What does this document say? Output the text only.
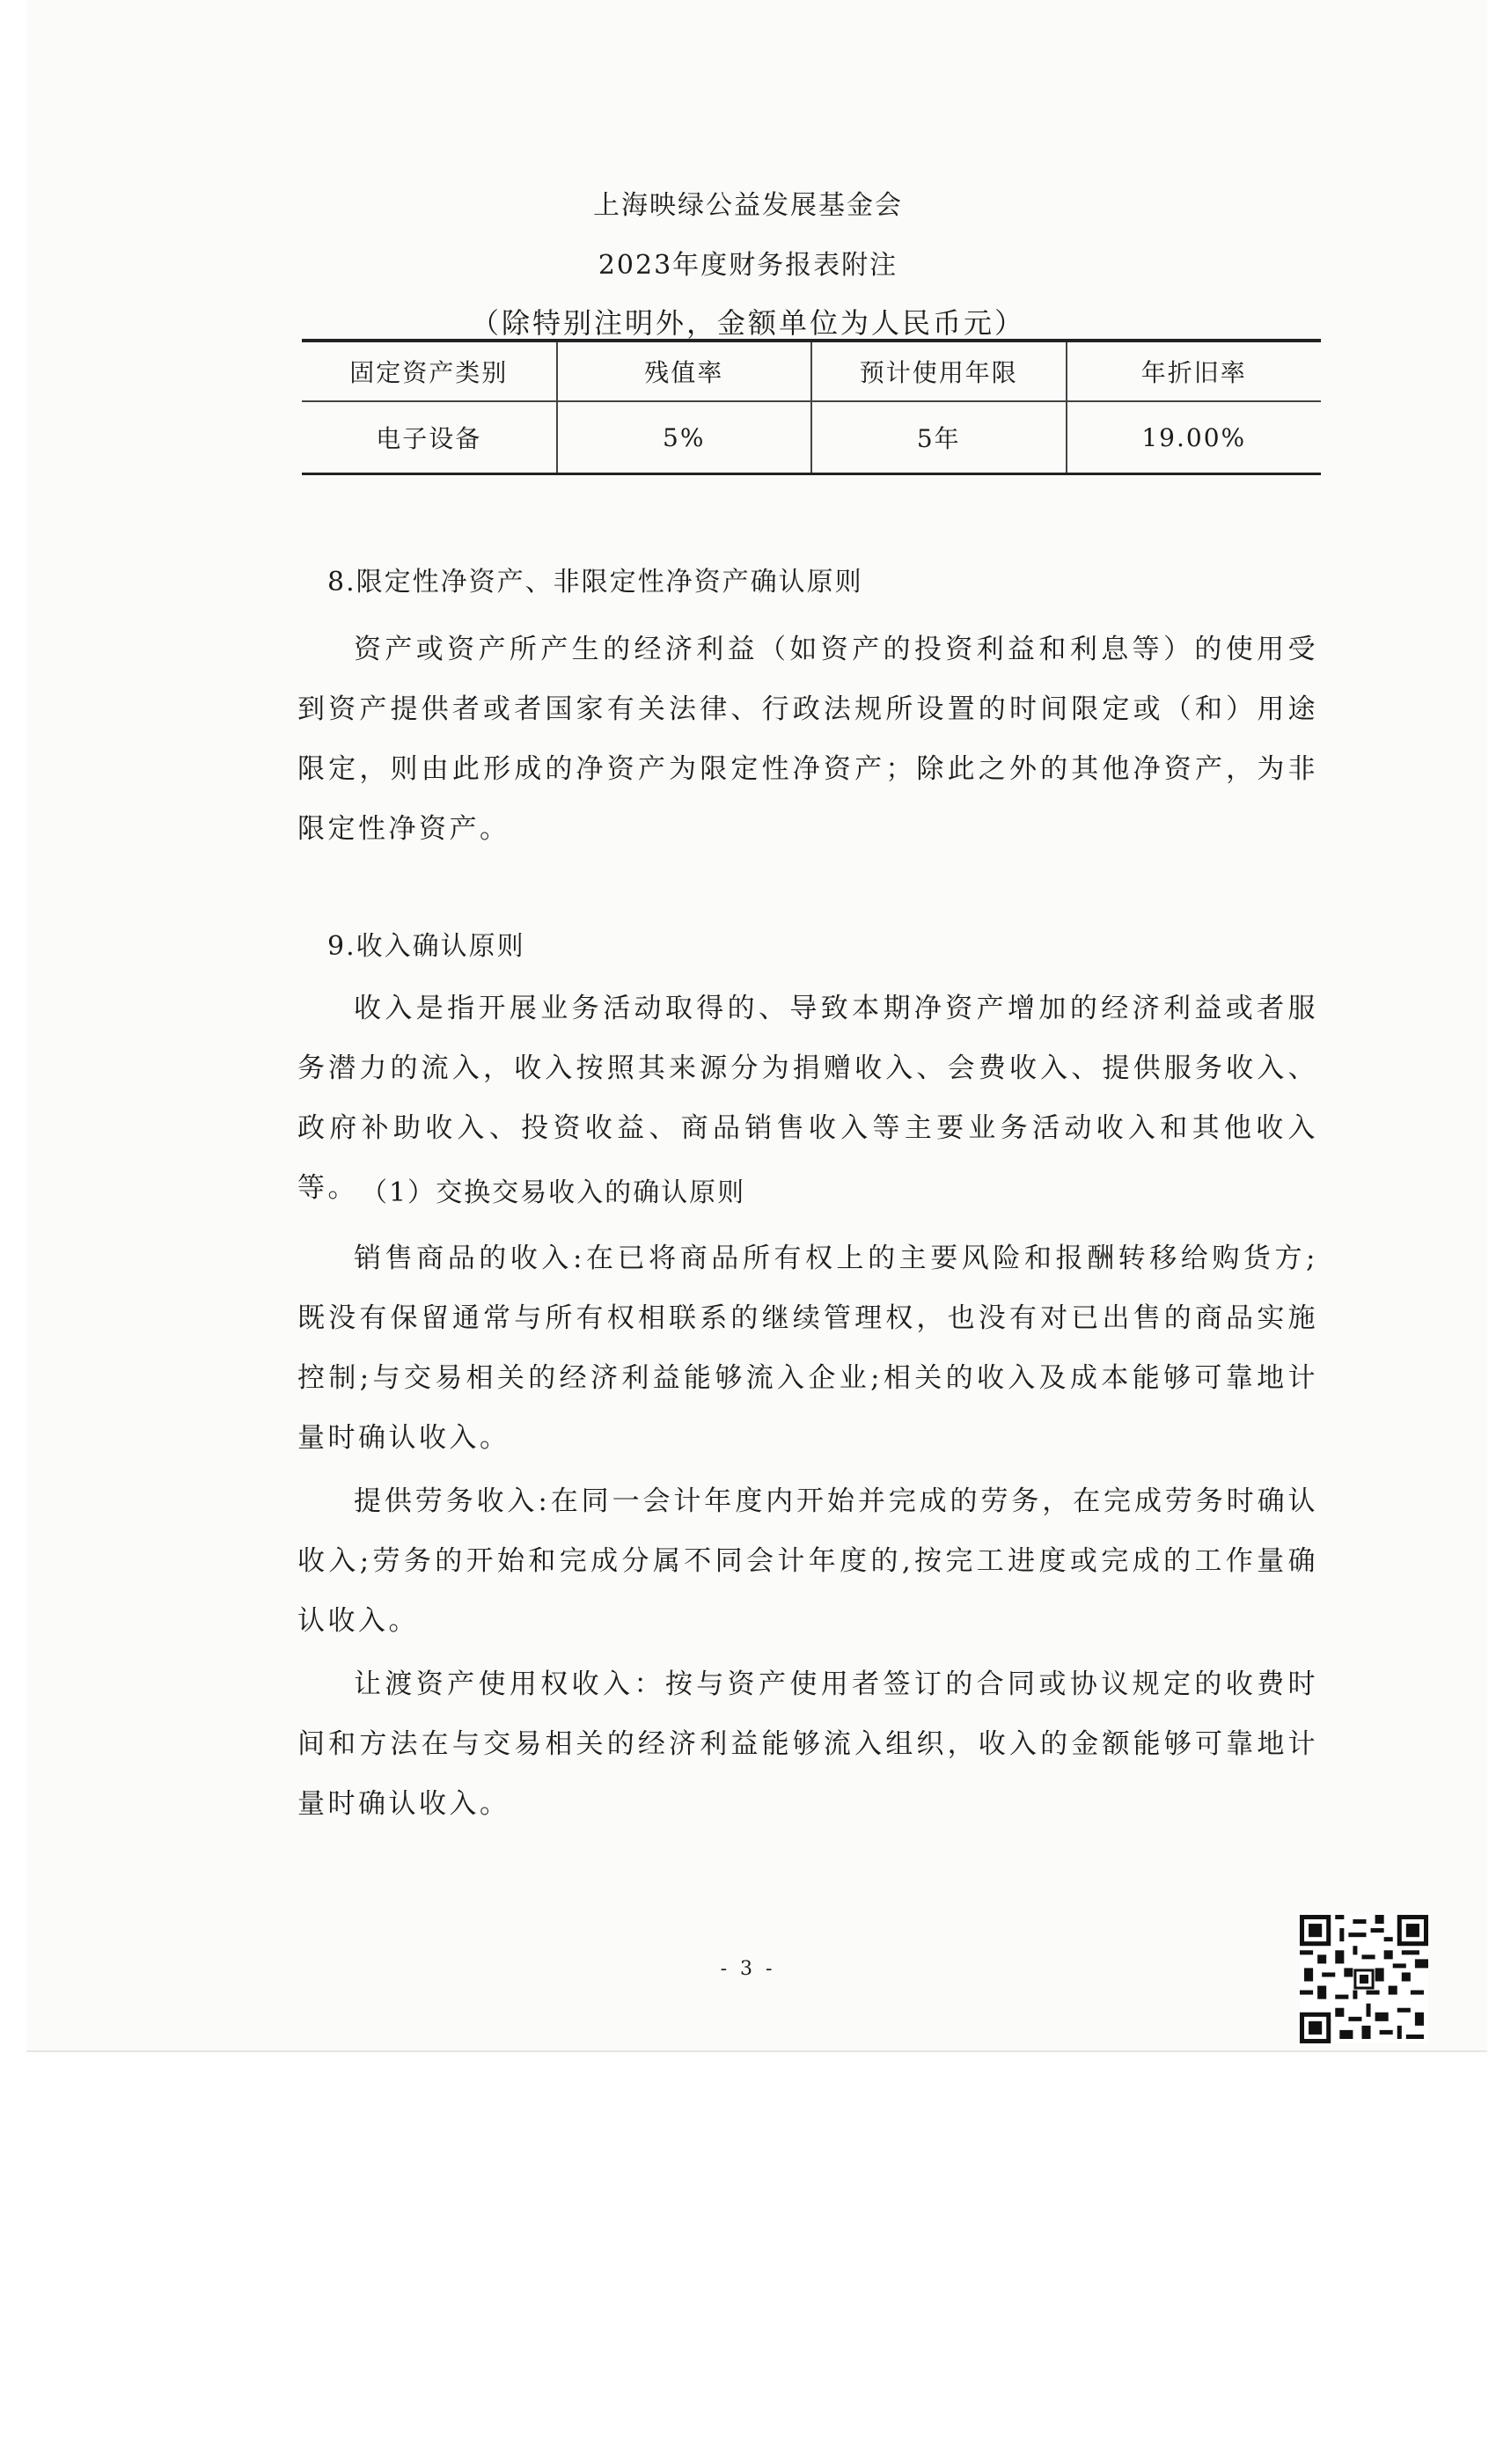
上海映绿公益发展基金会
2023年度财务报表附注
（除特别注明外，金额单位为人民币元）
固定资产类别	残值率	预计使用年限	年折旧率
电子设备	5%	5年	19.00%

8.限定性净资产、非限定性净资产确认原则

资产或资产所产生的经济利益（如资产的投资利益和利息等）的使用受到资产提供者或者国家有关法律、行政法规所设置的时间限定或（和）用途限定，则由此形成的净资产为限定性净资产；除此之外的其他净资产，为非限定性净资产。

9.收入确认原则

收入是指开展业务活动取得的、导致本期净资产增加的经济利益或者服务潜力的流入，收入按照其来源分为捐赠收入、会费收入、提供服务收入、政府补助收入、投资收益、商品销售收入等主要业务活动收入和其他收入等。 （1）交换交易收入的确认原则

销售商品的收入:在已将商品所有权上的主要风险和报酬转移给购货方;既没有保留通常与所有权相联系的继续管理权，也没有对已出售的商品实施控制;与交易相关的经济利益能够流入企业;相关的收入及成本能够可靠地计量时确认收入。

提供劳务收入:在同一会计年度内开始并完成的劳务，在完成劳务时确认收入;劳务的开始和完成分属不同会计年度的,按完工进度或完成的工作量确认收入。

让渡资产使用权收入：按与资产使用者签订的合同或协议规定的收费时间和方法在与交易相关的经济利益能够流入组织，收入的金额能够可靠地计量时确认收入。

- 3 -
